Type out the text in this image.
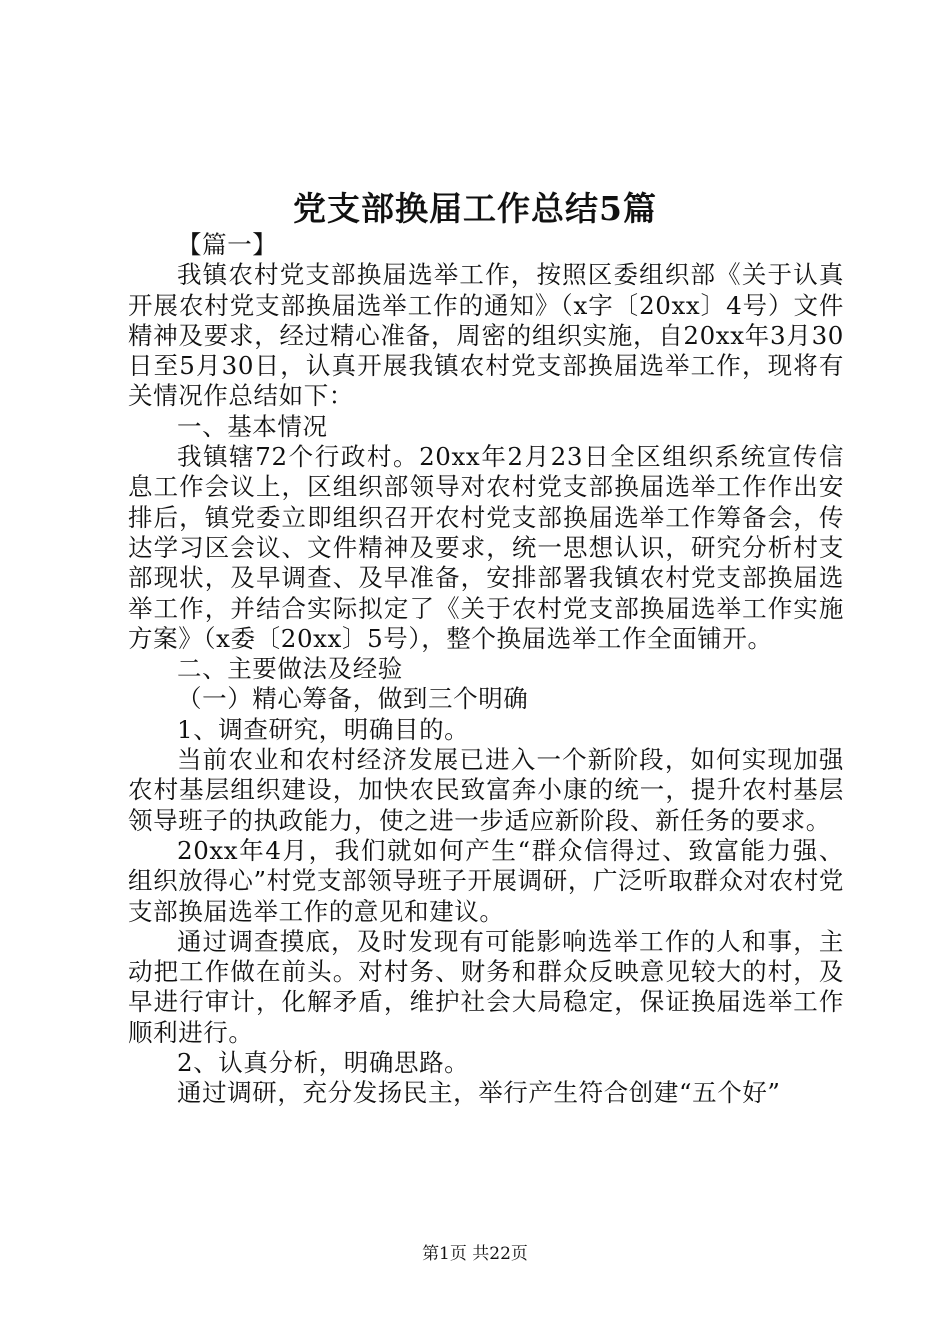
党支部换届工作总结5篇

【篇一】

我镇农村党支部换届选举工作，按照区委组织部《关于认真开展农村党支部换届选举工作的通知》（x字〔20xx〕4号）文件精神及要求，经过精心准备，周密的组织实施，自20xx年3月30日至5月30日，认真开展我镇农村党支部换届选举工作，现将有关情况作总结如下：

一、基本情况

我镇辖72个行政村。20xx年2月23日全区组织系统宣传信息工作会议上，区组织部领导对农村党支部换届选举工作作出安排后，镇党委立即组织召开农村党支部换届选举工作筹备会，传达学习区会议、文件精神及要求，统一思想认识，研究分析村支部现状，及早调查、及早准备，安排部署我镇农村党支部换届选举工作，并结合实际拟定了《关于农村党支部换届选举工作实施方案》（x委〔20xx〕5号），整个换届选举工作全面铺开。

二、主要做法及经验

（一）精心筹备，做到三个明确

1、调查研究，明确目的。

当前农业和农村经济发展已进入一个新阶段，如何实现加强农村基层组织建设，加快农民致富奔小康的统一，提升农村基层领导班子的执政能力，使之进一步适应新阶段、新任务的要求。

20xx年4月，我们就如何产生“群众信得过、致富能力强、组织放得心”村党支部领导班子开展调研，广泛听取群众对农村党支部换届选举工作的意见和建议。

通过调查摸底，及时发现有可能影响选举工作的人和事，主动把工作做在前头。对村务、财务和群众反映意见较大的村，及早进行审计，化解矛盾，维护社会大局稳定，保证换届选举工作顺利进行。

2、认真分析，明确思路。

通过调研，充分发扬民主，举行产生符合创建“五个好”

第1页 共22页
